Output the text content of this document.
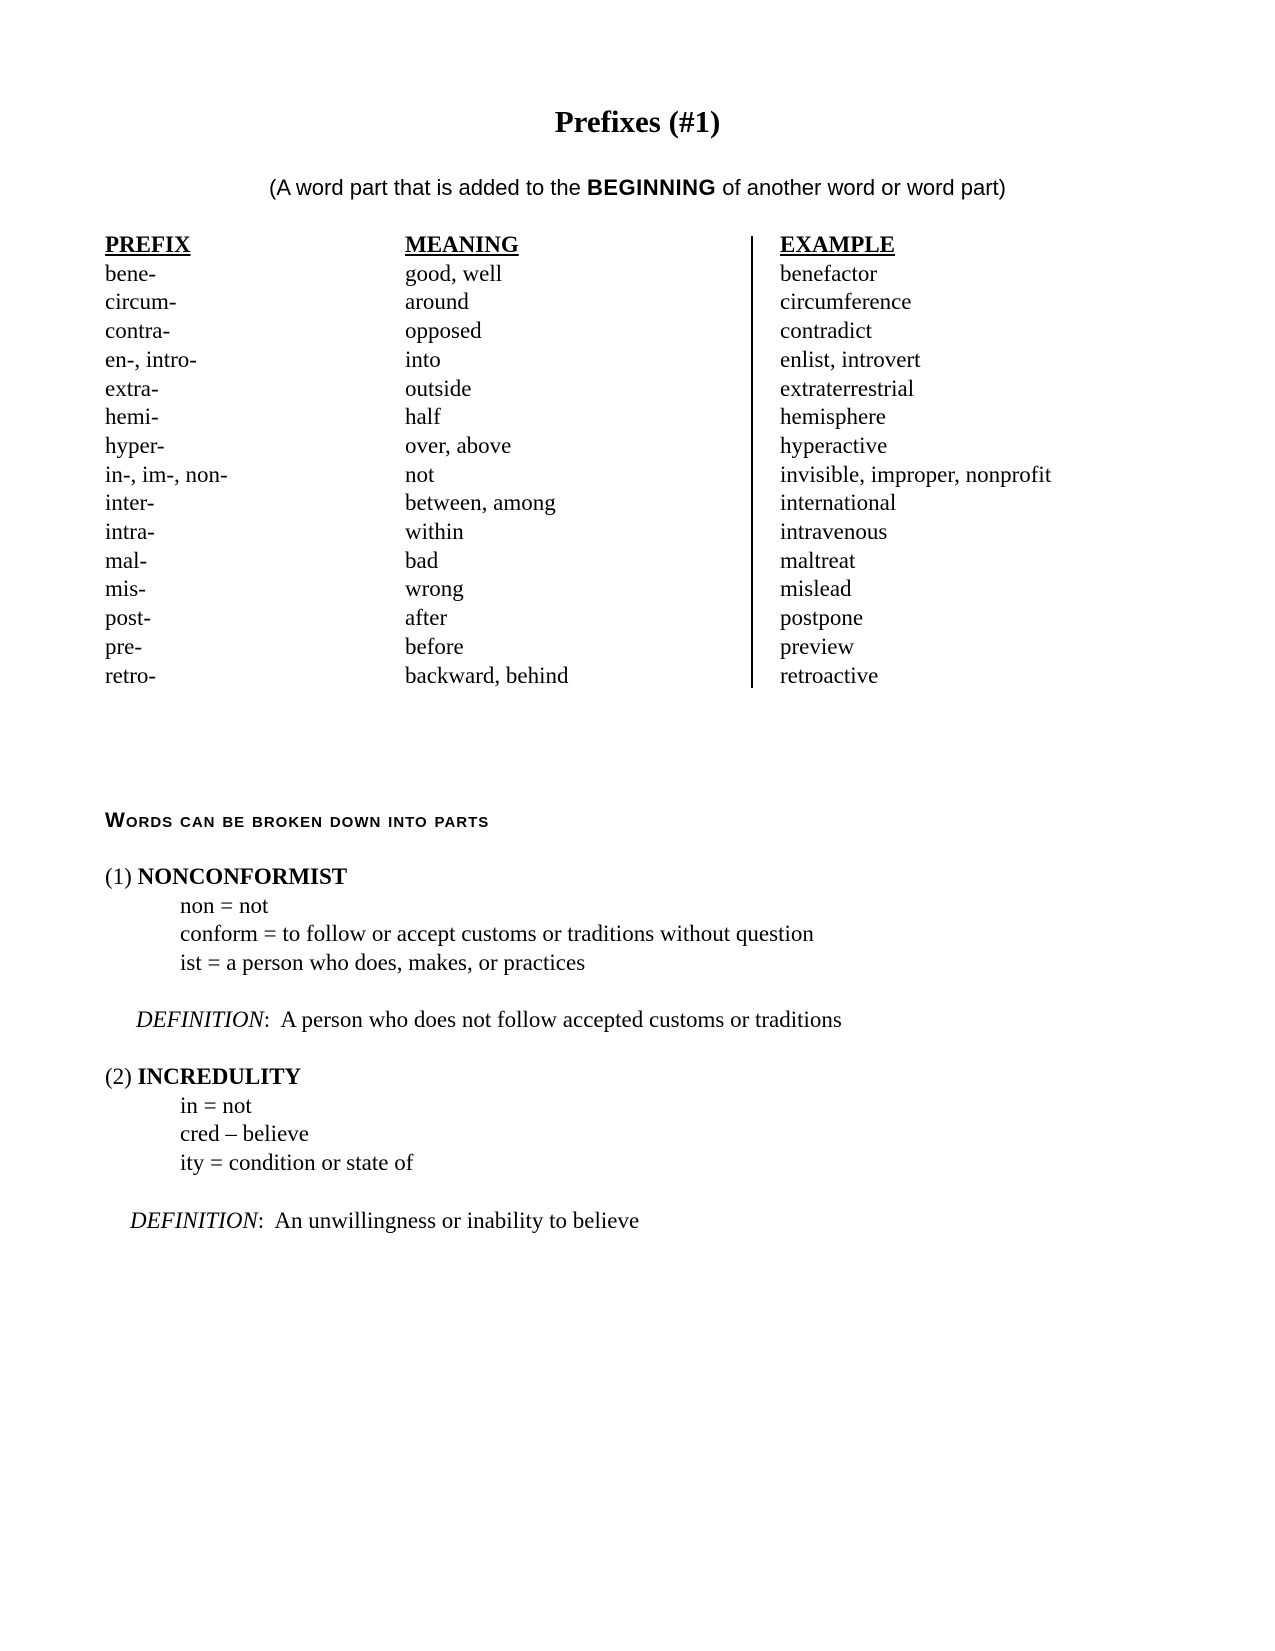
Prefixes (#1)
(A word part that is added to the BEGINNING of another word or word part)
PREFIX
bene-
circum-
contra-
en-, intro-
extra-
hemi-
hyper-
in-, im-, non-
inter-
intra-
mal-
mis-
post-
pre-
retro-
MEANING
good, well
around
opposed
into
outside
half
over, above
not
between, among
within
bad
wrong
after
before
backward, behind
EXAMPLE
benefactor
circumference
contradict
enlist, introvert
extraterrestrial
hemisphere
hyperactive
invisible, improper, nonprofit
international
intravenous
maltreat
mislead
postpone
preview
retroactive
Words can be broken down into parts
(1) NONCONFORMIST
non = not
conform = to follow or accept customs or traditions without question
ist = a person who does, makes, or practices
DEFINITION:  A person who does not follow accepted customs or traditions
(2) INCREDULITY
in = not
cred – believe
ity = condition or state of
DEFINITION:  An unwillingness or inability to believe
